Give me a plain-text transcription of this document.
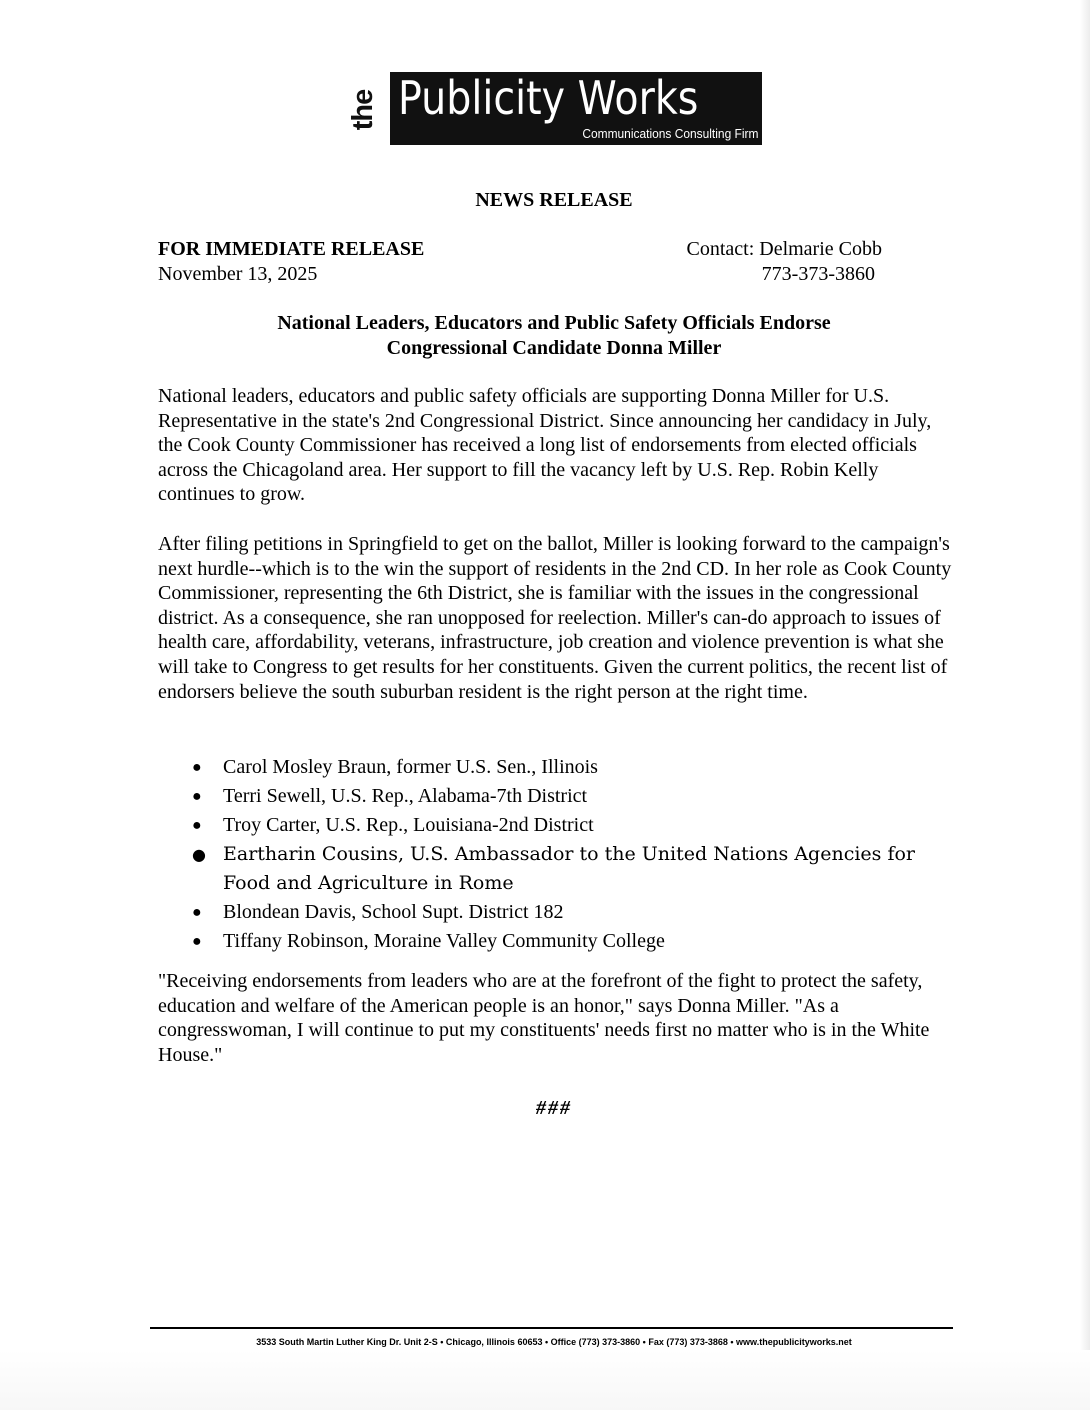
the Publicity Works
Communications Consulting Firm
NEWS RELEASE
FOR IMMEDIATE RELEASE
November 13, 2025
Contact: Delmarie Cobb
773-373-3860
National Leaders, Educators and Public Safety Officials Endorse
Congressional Candidate Donna Miller

National leaders, educators and public safety officials are supporting Donna Miller for U.S. Representative in the state's 2nd Congressional District. Since announcing her candidacy in July, the Cook County Commissioner has received a long list of endorsements from elected officials across the Chicagoland area. Her support to fill the vacancy left by U.S. Rep. Robin Kelly continues to grow.

After filing petitions in Springfield to get on the ballot, Miller is looking forward to the campaign's next hurdle--which is to the win the support of residents in the 2nd CD. In her role as Cook County Commissioner, representing the 6th District, she is familiar with the issues in the congressional district. As a consequence, she ran unopposed for reelection. Miller's can-do approach to issues of health care, affordability, veterans, infrastructure, job creation and violence prevention is what she will take to Congress to get results for her constituents. Given the current politics, the recent list of endorsers believe the south suburban resident is the right person at the right time.

● Carol Mosley Braun, former U.S. Sen., Illinois
● Terri Sewell, U.S. Rep., Alabama-7th District
● Troy Carter, U.S. Rep., Louisiana-2nd District
● Eartharin Cousins, U.S. Ambassador to the United Nations Agencies for Food and Agriculture in Rome
● Blondean Davis, School Supt. District 182
● Tiffany Robinson, Moraine Valley Community College

"Receiving endorsements from leaders who are at the forefront of the fight to protect the safety, education and welfare of the American people is an honor," says Donna Miller. "As a congresswoman, I will continue to put my constituents' needs first no matter who is in the White House."

###
3533 South Martin Luther King Dr. Unit 2-S • Chicago, Illinois 60653 • Office (773) 373-3860 • Fax (773) 373-3868 • www.thepublicityworks.net
